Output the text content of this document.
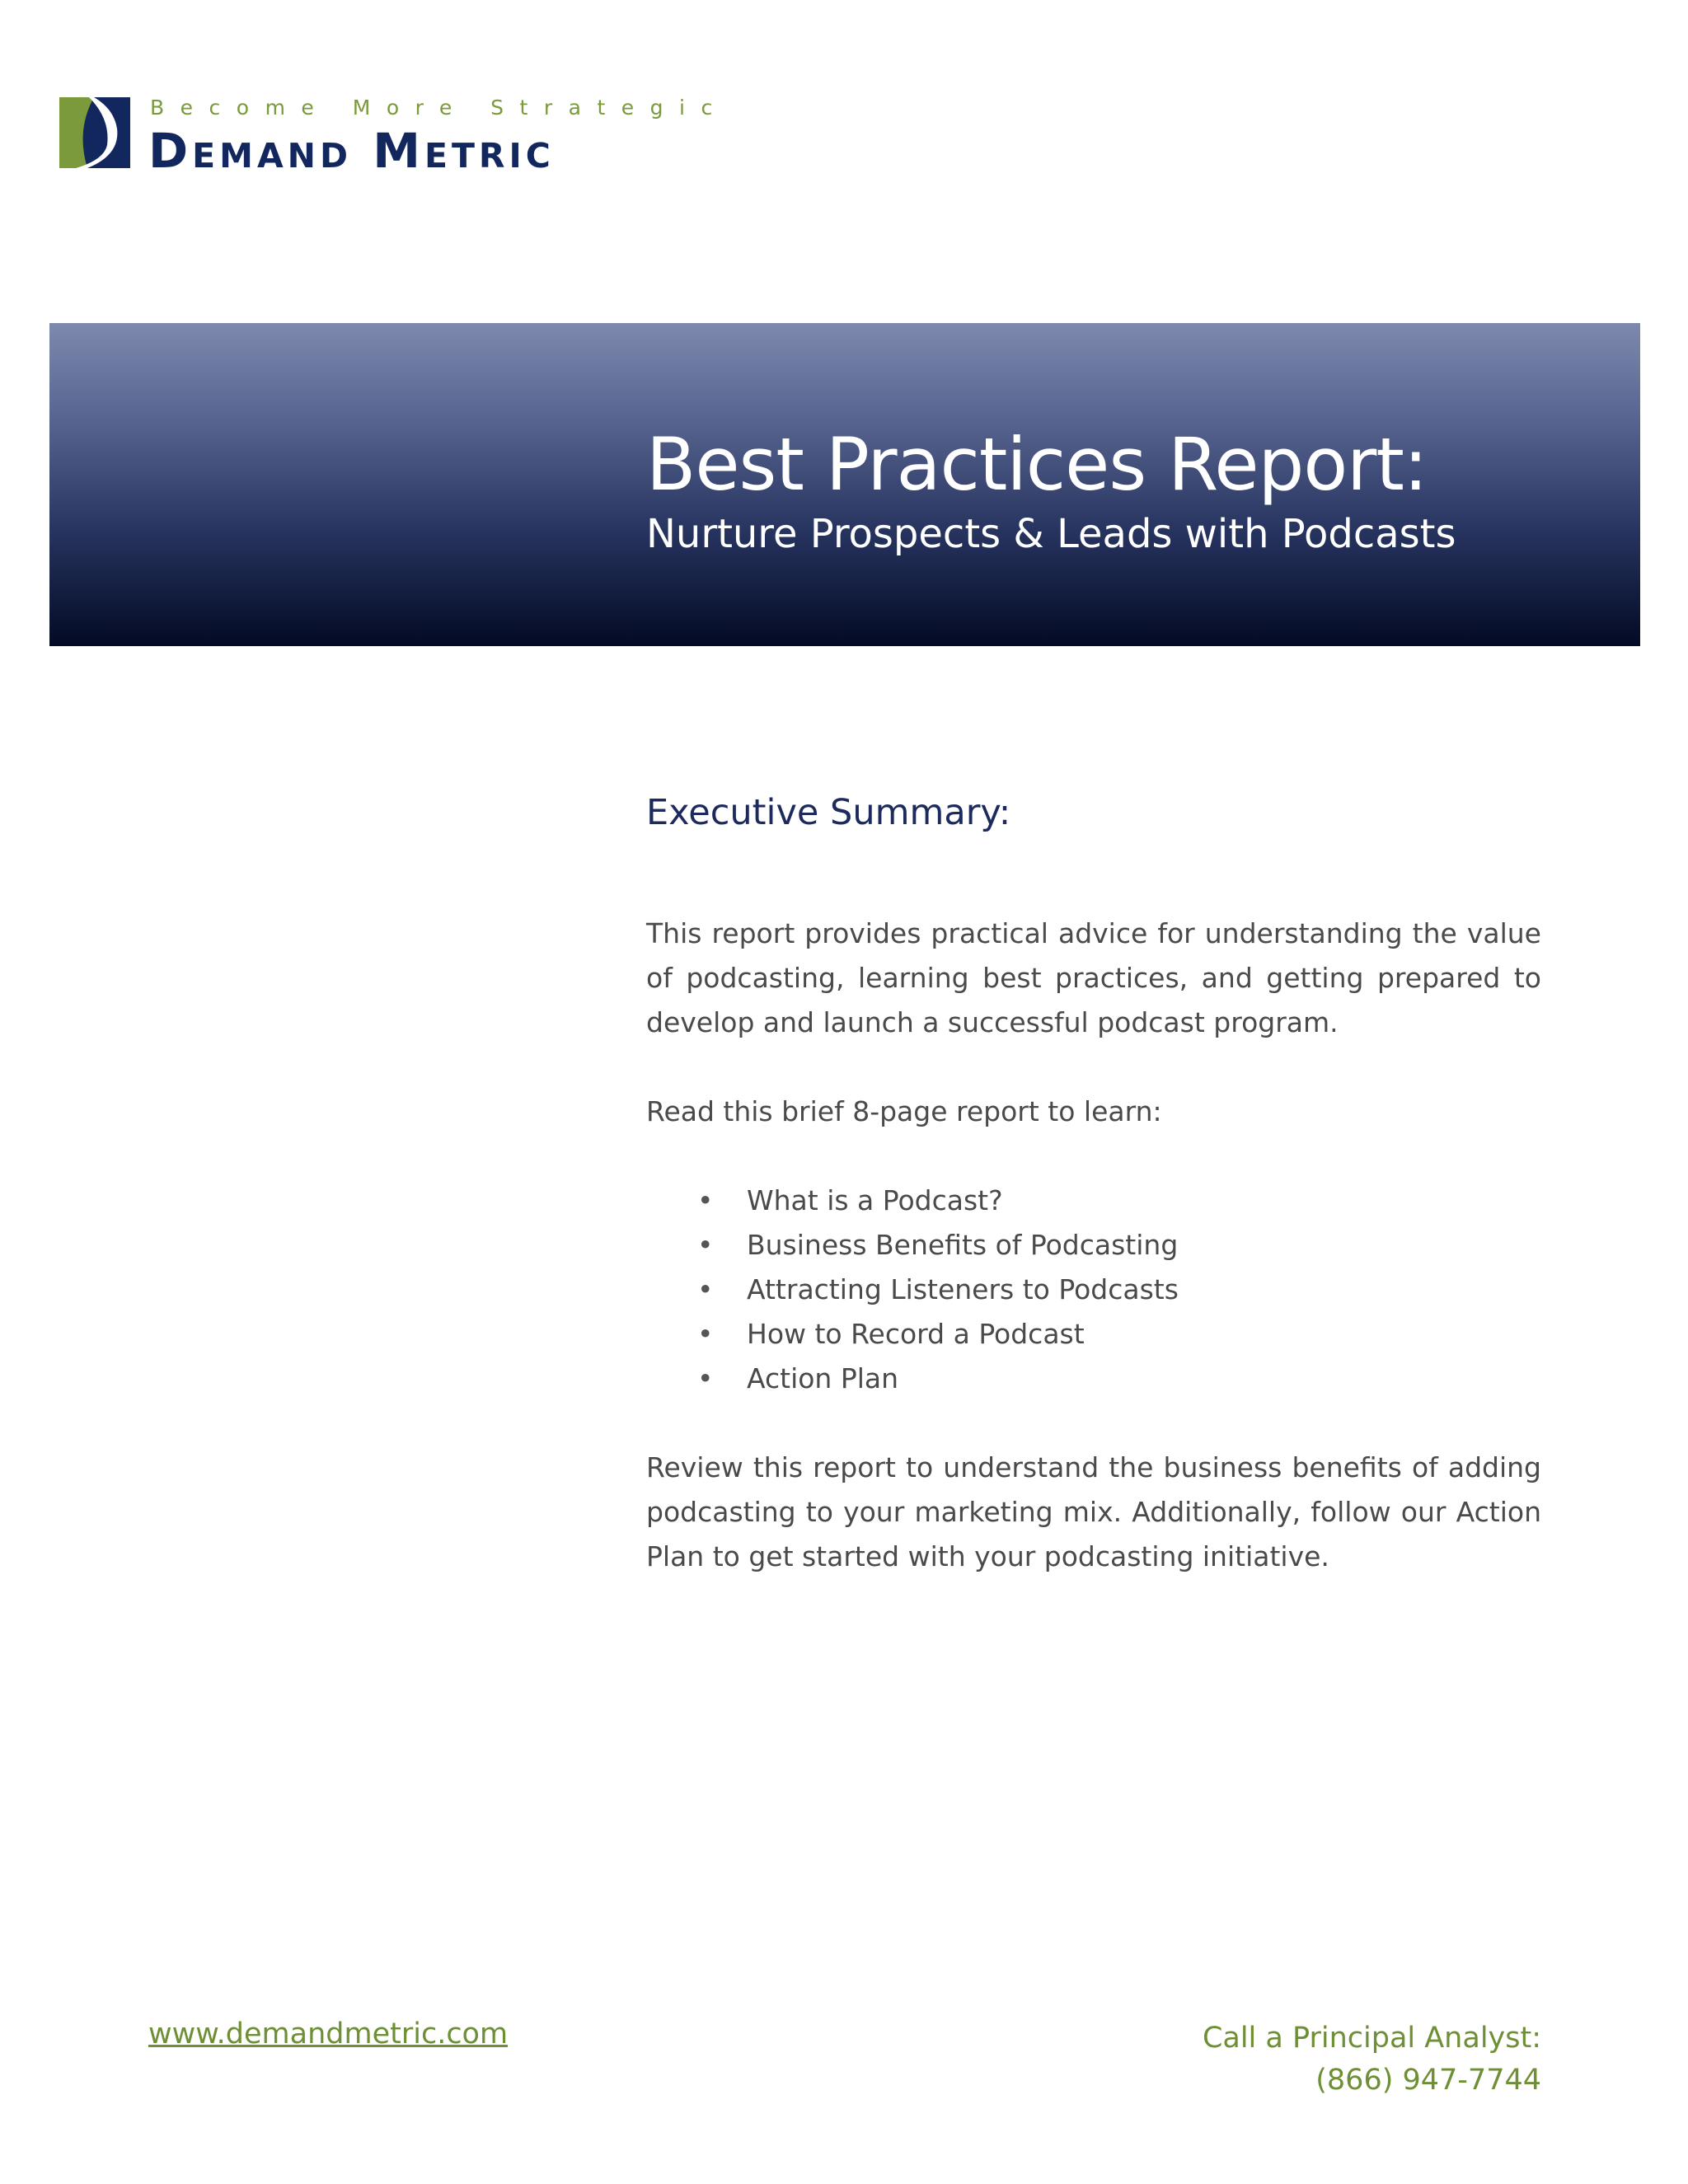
Become More Strategic
Demand Metric
Best Practices Report:
Nurture Prospects & Leads with Podcasts
Executive Summary:

This report provides practical advice for understanding the value of podcasting, learning best practices, and getting prepared to develop and launch a successful podcast program.

Read this brief 8-page report to learn:

• What is a Podcast?
• Business Benefits of Podcasting
• Attracting Listeners to Podcasts
• How to Record a Podcast
• Action Plan

Review this report to understand the business benefits of adding podcasting to your marketing mix. Additionally, follow our Action Plan to get started with your podcasting initiative.

www.demandmetric.com	Call a Principal Analyst:
(866) 947-7744
